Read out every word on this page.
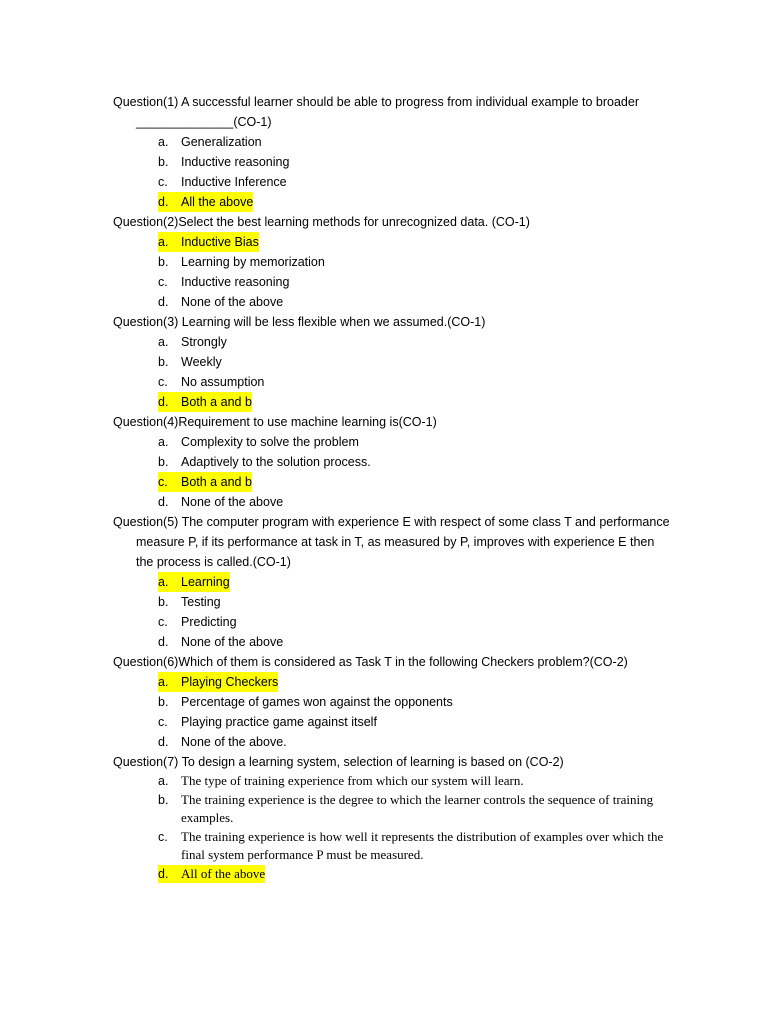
Question(1) A successful learner should be able to progress from individual example to broader
______________(CO-1)
a. Generalization
b. Inductive reasoning
c. Inductive Inference
d. All the above
Question(2)Select the best learning methods for unrecognized data. (CO-1)
a. Inductive Bias
b. Learning by memorization
c. Inductive reasoning
d. None of the above
Question(3) Learning will be less flexible when we assumed.(CO-1)
a. Strongly
b. Weekly
c. No assumption
d. Both a and b
Question(4)Requirement to use machine learning is(CO-1)
a. Complexity to solve the problem
b. Adaptively to the solution process.
c. Both a and b
d. None of the above
Question(5) The computer program with experience E with respect of some class T and performance
measure P, if its performance at task in T, as measured by P, improves with experience E then
the process is called.(CO-1)
a. Learning
b. Testing
c. Predicting
d. None of the above
Question(6)Which of them is considered as Task T in the following Checkers problem?(CO-2)
a. Playing Checkers
b. Percentage of games won against the opponents
c. Playing practice game against itself
d. None of the above.
Question(7) To design a learning system, selection of learning is based on (CO-2)
a. The type of training experience from which our system will learn.
b. The training experience is the degree to which the learner controls the sequence of training examples.
c. The training experience is how well it represents the distribution of examples over which the final system performance P must be measured.
d. All of the above
